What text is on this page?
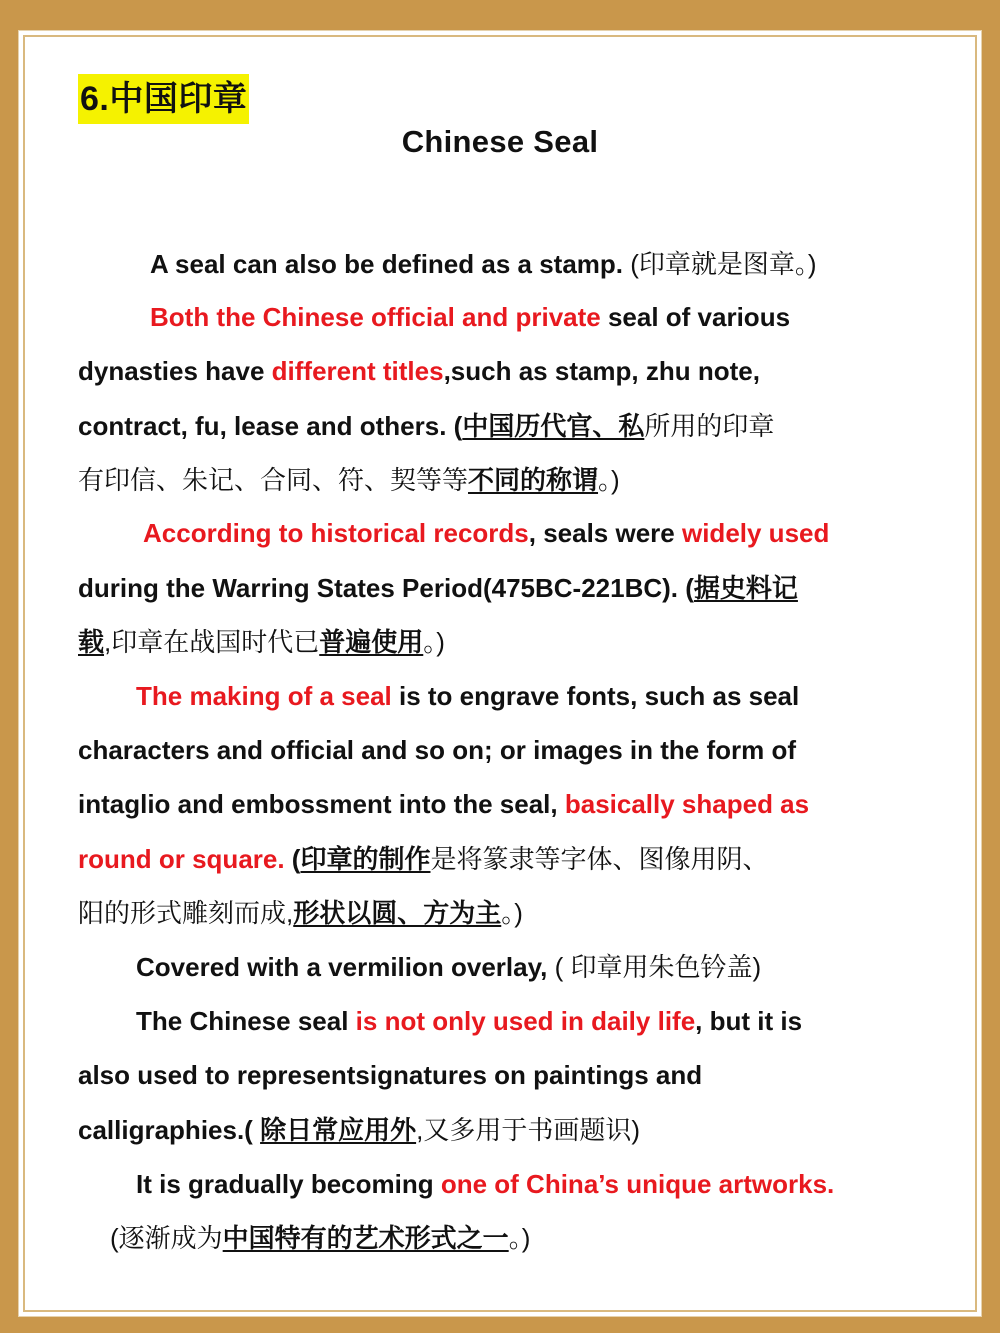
6.中国印章
Chinese Seal
A seal can also be defined as a stamp. (印章就是图章。)
Both the Chinese official and private seal of various
dynasties have different titles,such as stamp, zhu note,
contract, fu, lease and others. (中国历代官、私所用的印章
有印信、朱记、合同、符、契等等不同的称谓。)
According to historical records, seals were widely used
during the Warring States Period(475BC-221BC). (据史料记
载,印章在战国时代已普遍使用。)
The making of a seal is to engrave fonts, such as seal
characters and official and so on; or images in the form of
intaglio and embossment into the seal, basically shaped as
round or square. (印章的制作是将篆隶等字体、图像用阴、
阳的形式雕刻而成,形状以圆、方为主。)
Covered with a vermilion overlay, ( 印章用朱色钤盖)
The Chinese seal is not only used in daily life, but it is
also used to representsignatures on paintings and
calligraphies.( 除日常应用外,又多用于书画题识)
It is gradually becoming one of China’s unique artworks.
(逐渐成为中国特有的艺术形式之一。)
